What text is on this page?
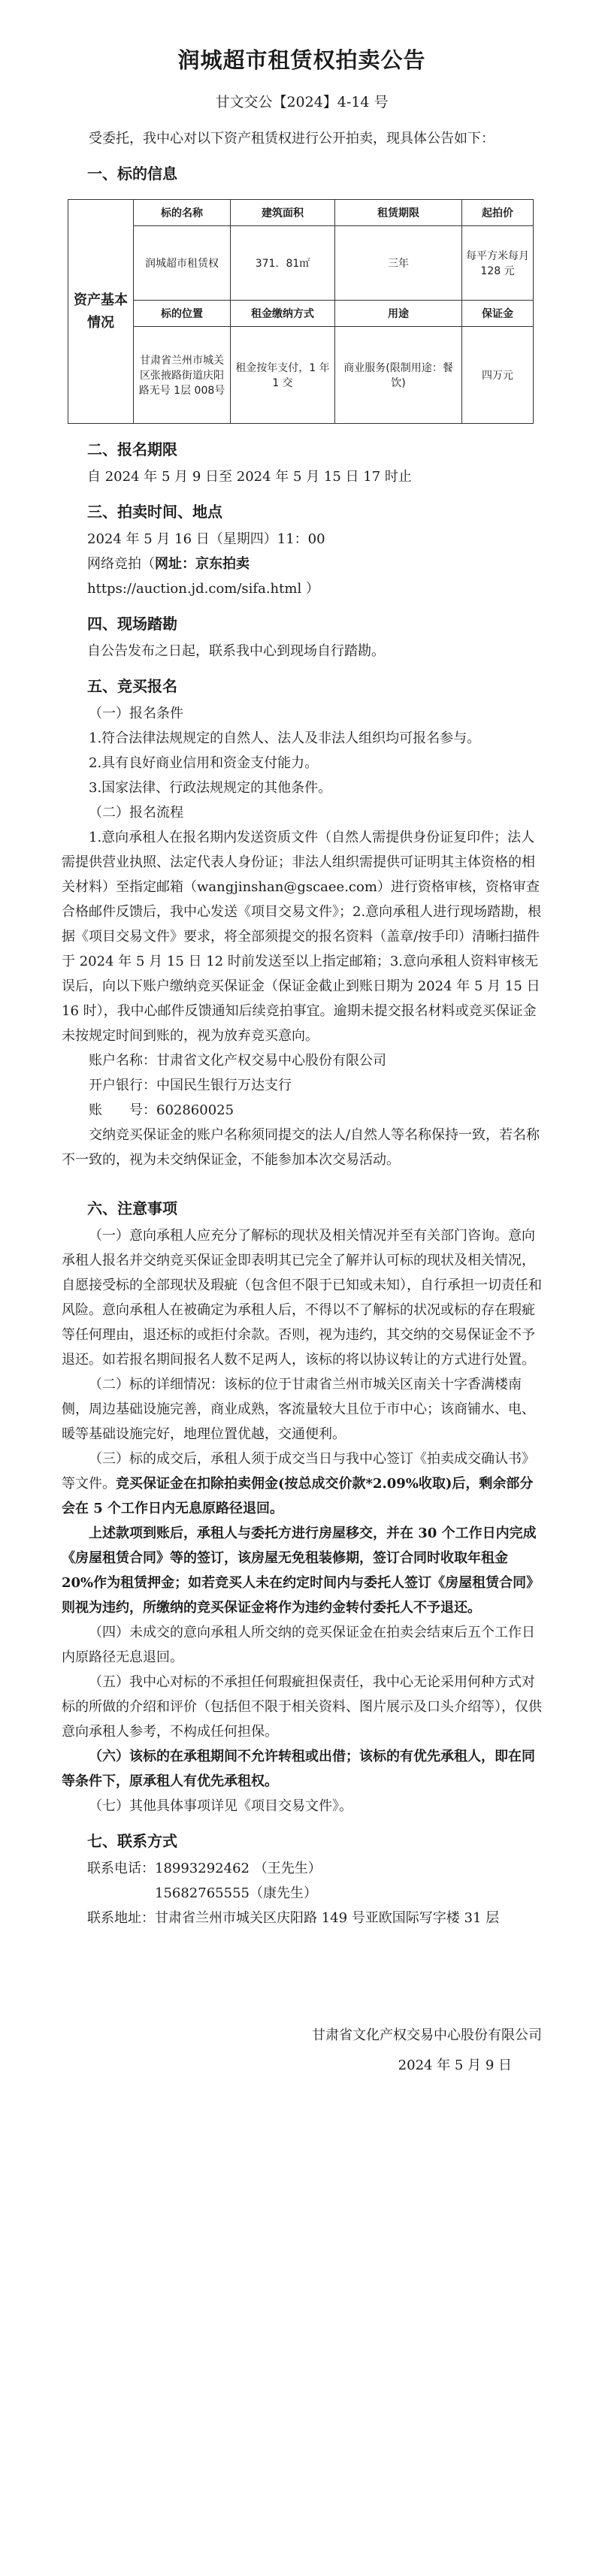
润城超市租赁权拍卖公告
甘文交公【2024】4-14 号

受委托，我中心对以下资产租赁权进行公开拍卖，现具体公告如下：

一、标的信息
资产基本情况	标的名称	建筑面积	租赁期限	起拍价
	润城超市租赁权	371．81㎡	三年	每平方米每月 128 元
	标的位置	租金缴纳方式	用途	保证金
	甘肃省兰州市城关区张掖路街道庆阳路无号 1层 008号	租金按年支付，1 年 1 交	商业服务(限制用途：餐饮)	四万元
二、报名期限

自 2024 年 5 月 9 日至 2024 年 5 月 15 日 17 时止

三、拍卖时间、地点

2024 年 5 月 16 日（星期四）11：00

网络竞拍（网址：京东拍卖

https://auction.jd.com/sifa.html ）

四、现场踏勘

自公告发布之日起，联系我中心到现场自行踏勘。

五、竞买报名

（一）报名条件

1.符合法律法规规定的自然人、法人及非法人组织均可报名参与。

2.具有良好商业信用和资金支付能力。

3.国家法律、行政法规规定的其他条件。

（二）报名流程

1.意向承租人在报名期内发送资质文件（自然人需提供身份证复印件；法人需提供营业执照、法定代表人身份证；非法人组织需提供可证明其主体资格的相关材料）至指定邮箱（wangjinshan@gscaee.com）进行资格审核，资格审查合格邮件反馈后，我中心发送《项目交易文件》；2.意向承租人进行现场踏勘，根据《项目交易文件》要求，将全部须提交的报名资料（盖章/按手印）清晰扫描件于 2024 年 5 月 15 日 12 时前发送至以上指定邮箱；3.意向承租人资料审核无误后，向以下账户缴纳竞买保证金（保证金截止到账日期为 2024 年 5 月 15 日 16 时），我中心邮件反馈通知后续竞拍事宜。逾期未提交报名材料或竞买保证金未按规定时间到账的，视为放弃竞买意向。

账户名称：甘肃省文化产权交易中心股份有限公司

开户银行：中国民生银行万达支行

账　　号：602860025

交纳竞买保证金的账户名称须同提交的法人/自然人等名称保持一致，若名称不一致的，视为未交纳保证金，不能参加本次交易活动。

六、注意事项

（一）意向承租人应充分了解标的现状及相关情况并至有关部门咨询。意向承租人报名并交纳竞买保证金即表明其已完全了解并认可标的现状及相关情况，自愿接受标的全部现状及瑕疵（包含但不限于已知或未知），自行承担一切责任和风险。意向承租人在被确定为承租人后，不得以不了解标的状况或标的存在瑕疵等任何理由，退还标的或拒付余款。否则，视为违约，其交纳的交易保证金不予退还。如若报名期间报名人数不足两人，该标的将以协议转让的方式进行处置。

（二）标的详细情况：该标的位于甘肃省兰州市城关区南关十字香满楼南侧，周边基础设施完善，商业成熟，客流量较大且位于市中心；该商铺水、电、暖等基础设施完好，地理位置优越，交通便利。

（三）标的成交后，承租人须于成交当日与我中心签订《拍卖成交确认书》等文件。竞买保证金在扣除拍卖佣金(按总成交价款*2.09%收取)后，剩余部分会在 5 个工作日内无息原路径退回。

上述款项到账后，承租人与委托方进行房屋移交，并在 30 个工作日内完成《房屋租赁合同》等的签订，该房屋无免租装修期，签订合同时收取年租金 20%作为租赁押金；如若竞买人未在约定时间内与委托人签订《房屋租赁合同》则视为违约，所缴纳的竞买保证金将作为违约金转付委托人不予退还。

（四）未成交的意向承租人所交纳的竞买保证金在拍卖会结束后五个工作日内原路径无息退回。

（五）我中心对标的不承担任何瑕疵担保责任，我中心无论采用何种方式对标的所做的介绍和评价（包括但不限于相关资料、图片展示及口头介绍等），仅供意向承租人参考，不构成任何担保。

（六）该标的在承租期间不允许转租或出借；该标的有优先承租人，即在同等条件下，原承租人有优先承租权。

（七）其他具体事项详见《项目交易文件》。

七、联系方式

联系电话：18993292462 （王先生）

15682765555（康先生）

联系地址：甘肃省兰州市城关区庆阳路 149 号亚欧国际写字楼 31 层

甘肃省文化产权交易中心股份有限公司
2024 年 5 月 9 日
